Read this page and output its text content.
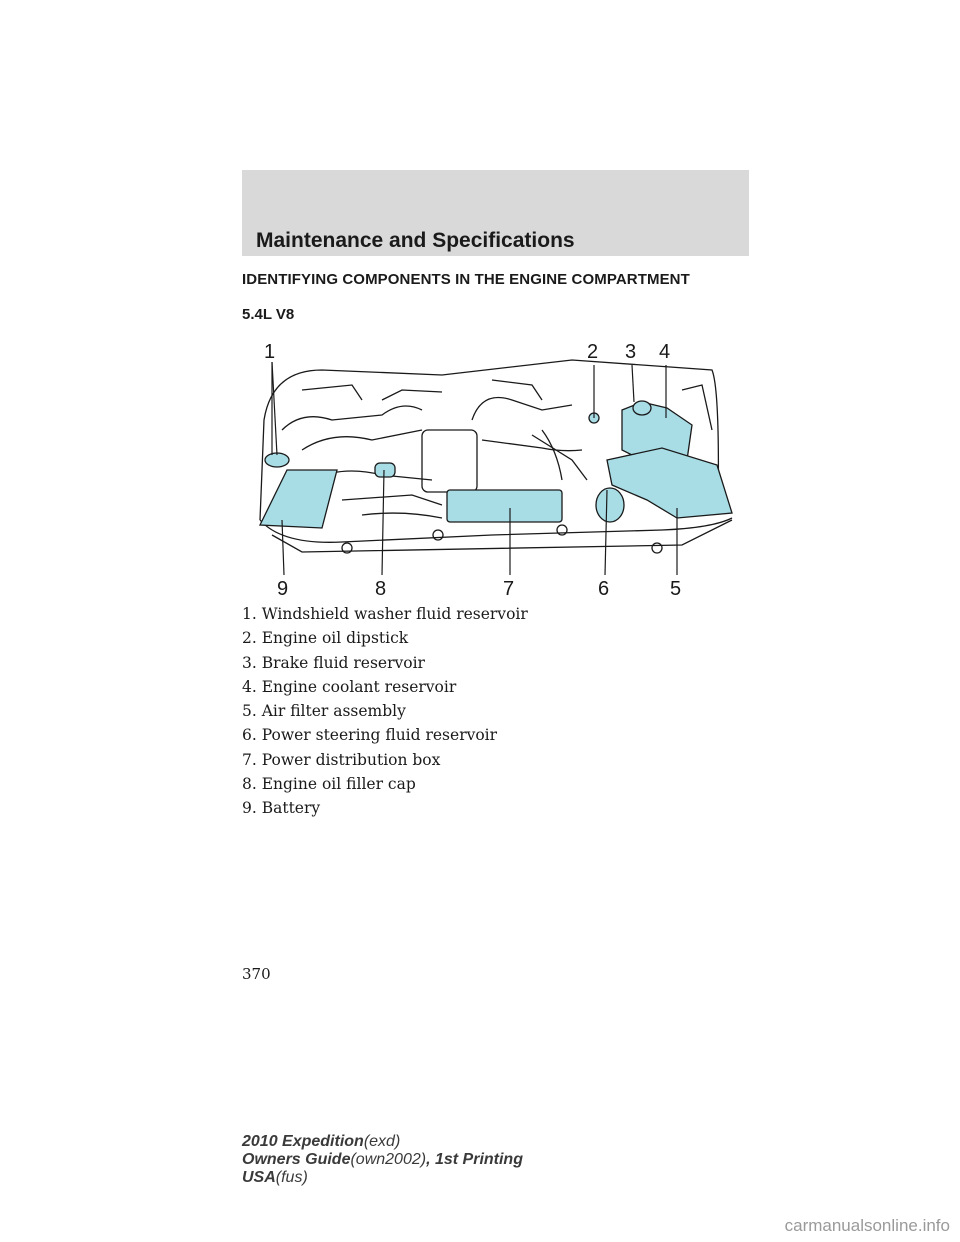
Maintenance and Specifications
IDENTIFYING COMPONENTS IN THE ENGINE COMPARTMENT
5.4L V8
1	2 3 4
5
6
7
8
9
1. Windshield washer fluid reservoir
2. Engine oil dipstick
3. Brake fluid reservoir
4. Engine coolant reservoir
5. Air filter assembly
6. Power steering fluid reservoir
7. Power distribution box
8. Engine oil filler cap
9. Battery
370
2010 Expedition(exd)
Owners Guide(own2002), 1st Printing
USA(fus)
carmanualsonline.info
